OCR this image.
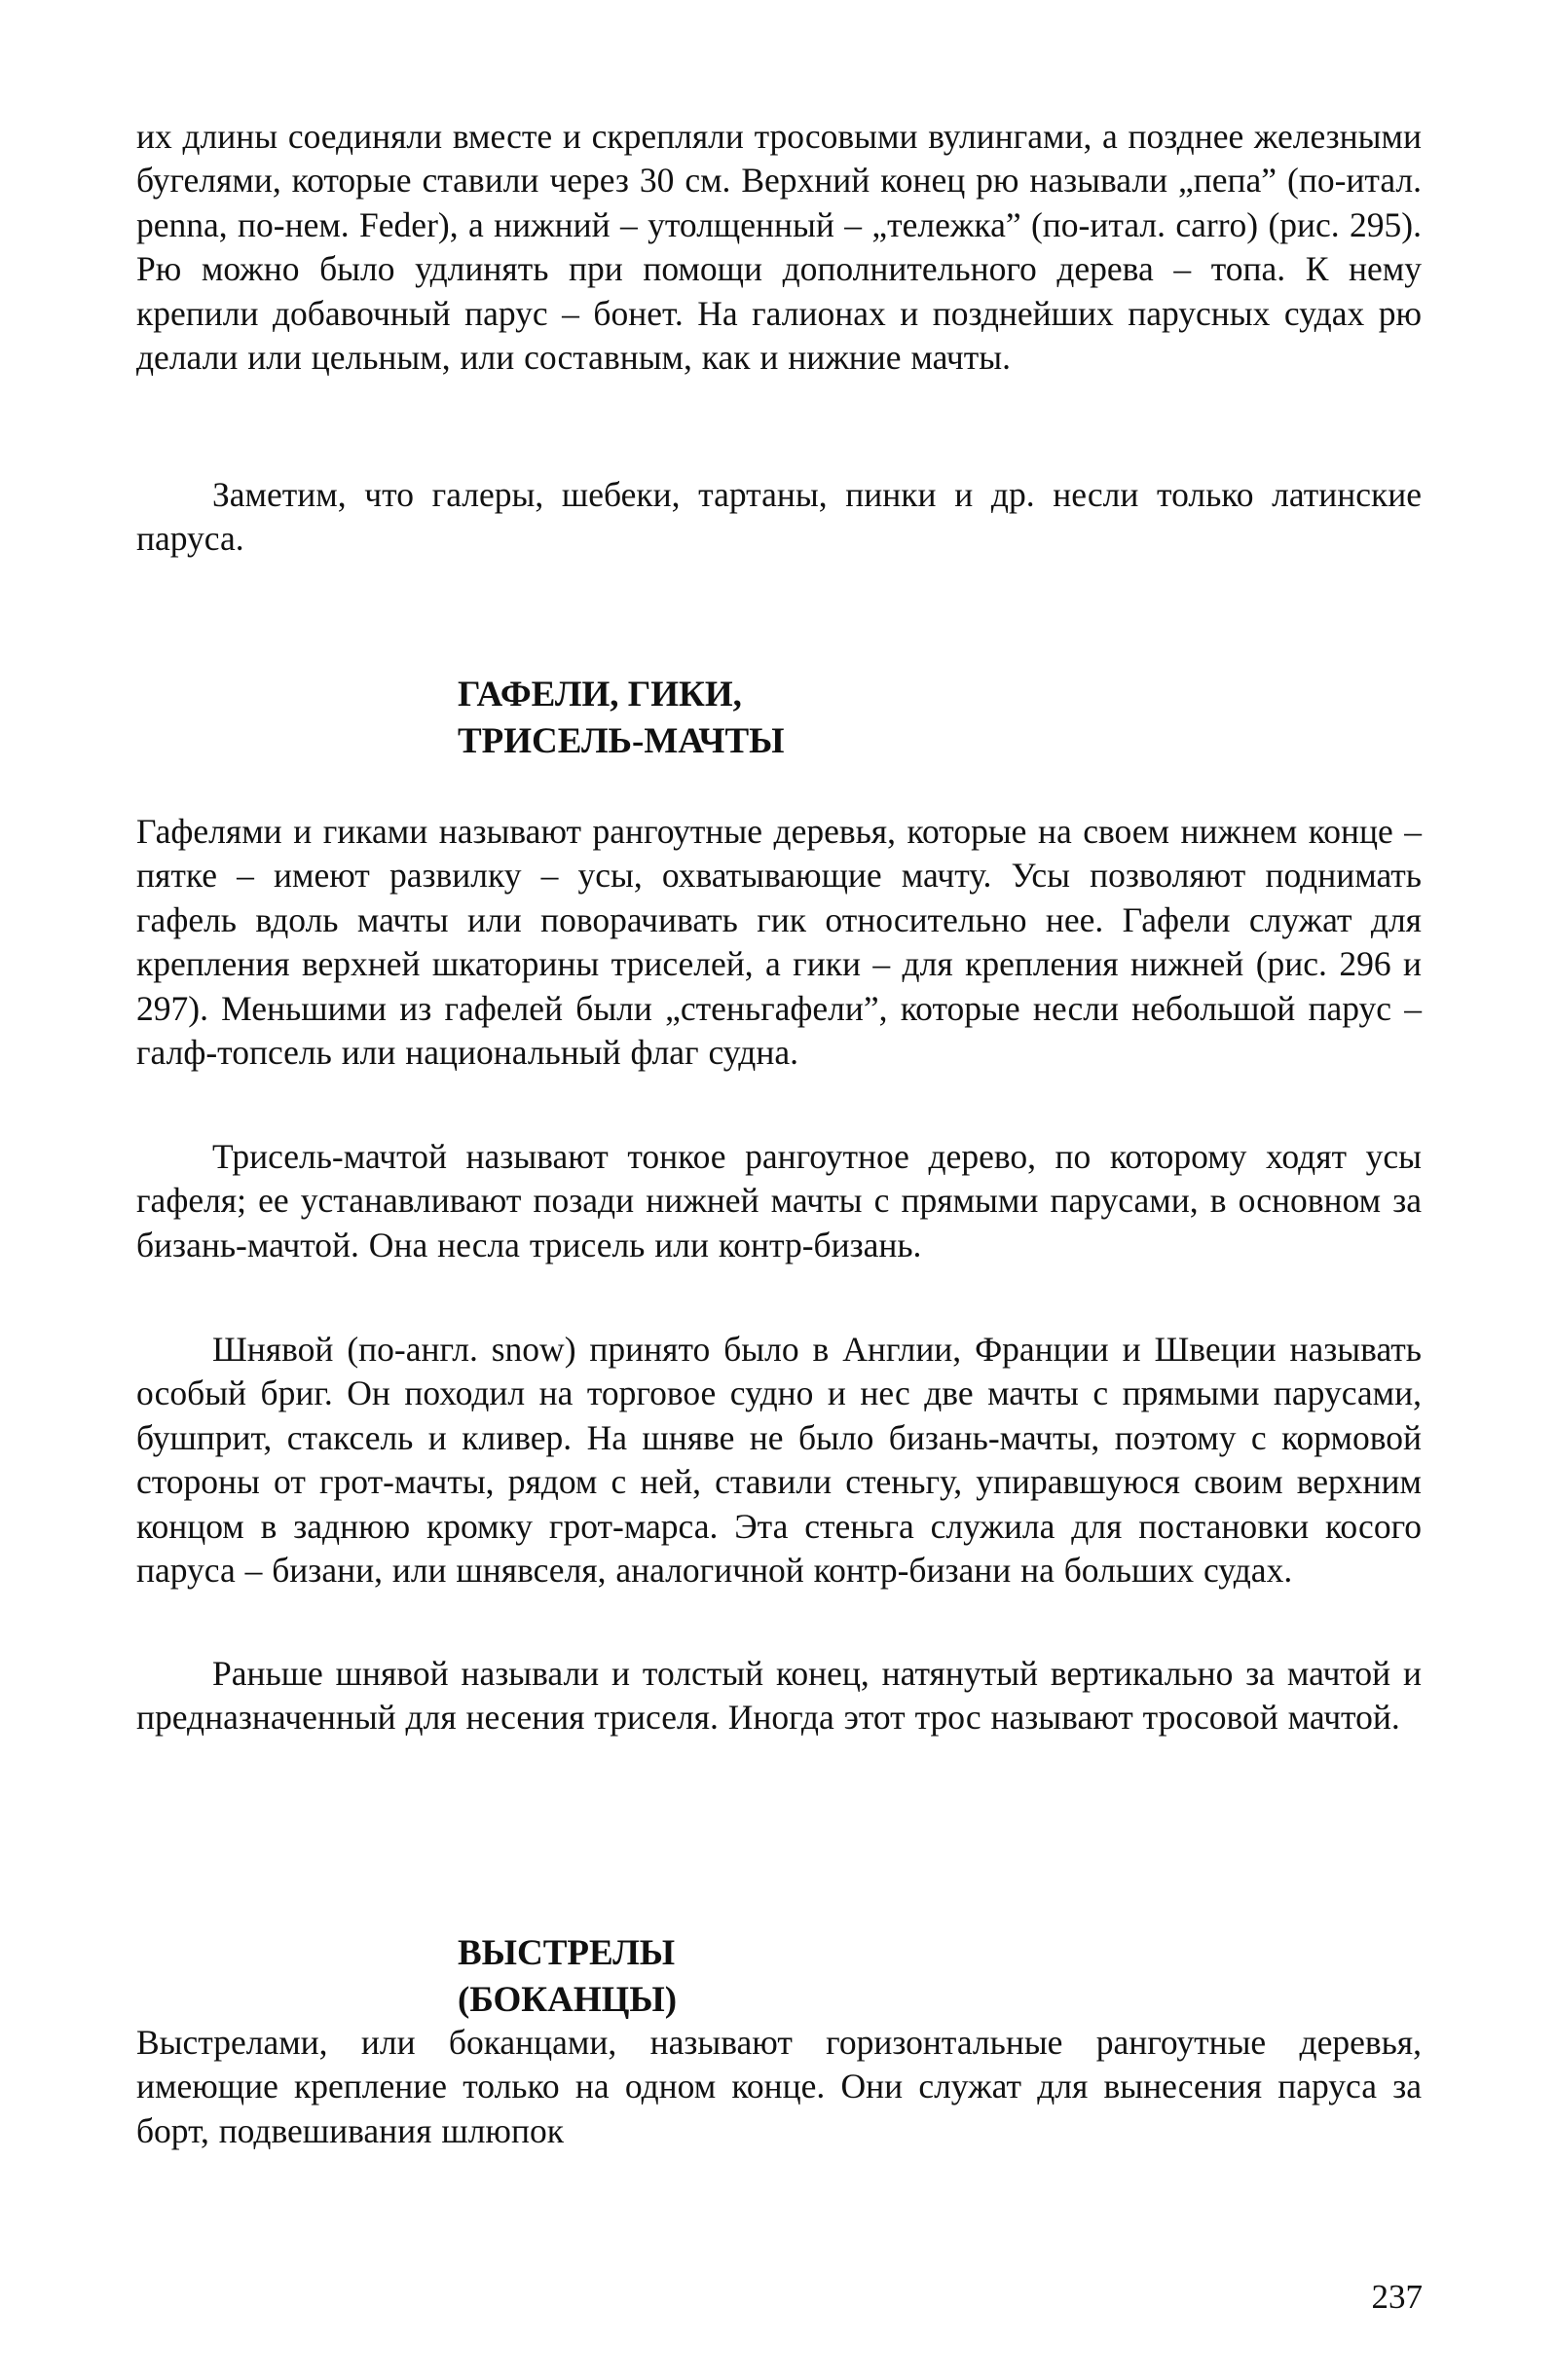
их длины соединяли вместе и скрепляли тросовыми вулингами, а позднее железными бугелями, которые ставили через 30 см. Верхний конец рю называли „пепа” (по-итал. penna, по-нем. Feder), а нижний – утолщенный – „тележка” (по-итал. carro) (рис. 295). Рю можно было удлинять при помощи дополнительного дерева – топа. К нему крепили добавочный парус – бонет. На галионах и позднейших парусных судах рю делали или цельным, или составным, как и нижние мачты.

Заметим, что галеры, шебеки, тартаны, пинки и др. несли только латинские паруса.

ГАФЕЛИ, ГИКИ,
ТРИСЕЛЬ-МАЧТЫ

Гафелями и гиками называют рангоутные деревья, которые на своем нижнем конце – пятке – имеют развилку – усы, охватывающие мачту. Усы позволяют поднимать гафель вдоль мачты или поворачивать гик относительно нее. Гафели служат для крепления верхней шкаторины триселей, а гики – для крепления нижней (рис. 296 и 297). Меньшими из гафелей были „стеньгафели”, которые несли небольшой парус – галф-топсель или национальный флаг судна.

Трисель-мачтой называют тонкое рангоутное дерево, по которому ходят усы гафеля; ее устанавливают позади нижней мачты с прямыми парусами, в основном за бизань-мачтой. Она несла трисель или контр-бизань.

Шнявой (по-англ. snow) принято было в Англии, Франции и Швеции называть особый бриг. Он походил на торговое судно и нес две мачты с прямыми парусами, бушприт, стаксель и кливер. На шняве не было бизань-мачты, поэтому с кормовой стороны от грот-мачты, рядом с ней, ставили стеньгу, упиравшуюся своим верхним концом в заднюю кромку грот-марса. Эта стеньга служила для постановки косого паруса – бизани, или шнявселя, аналогичной контр-бизани на больших судах.

Раньше шнявой называли и толстый конец, натянутый вертикально за мачтой и предназначенный для несения триселя. Иногда этот трос называют тросовой мачтой.

ВЫСТРЕЛЫ
(БОКАНЦЫ)

Выстрелами, или боканцами, называют горизонтальные рангоутные деревья, имеющие крепление только на одном конце. Они служат для вынесения паруса за борт, подвешивания шлюпок

237
